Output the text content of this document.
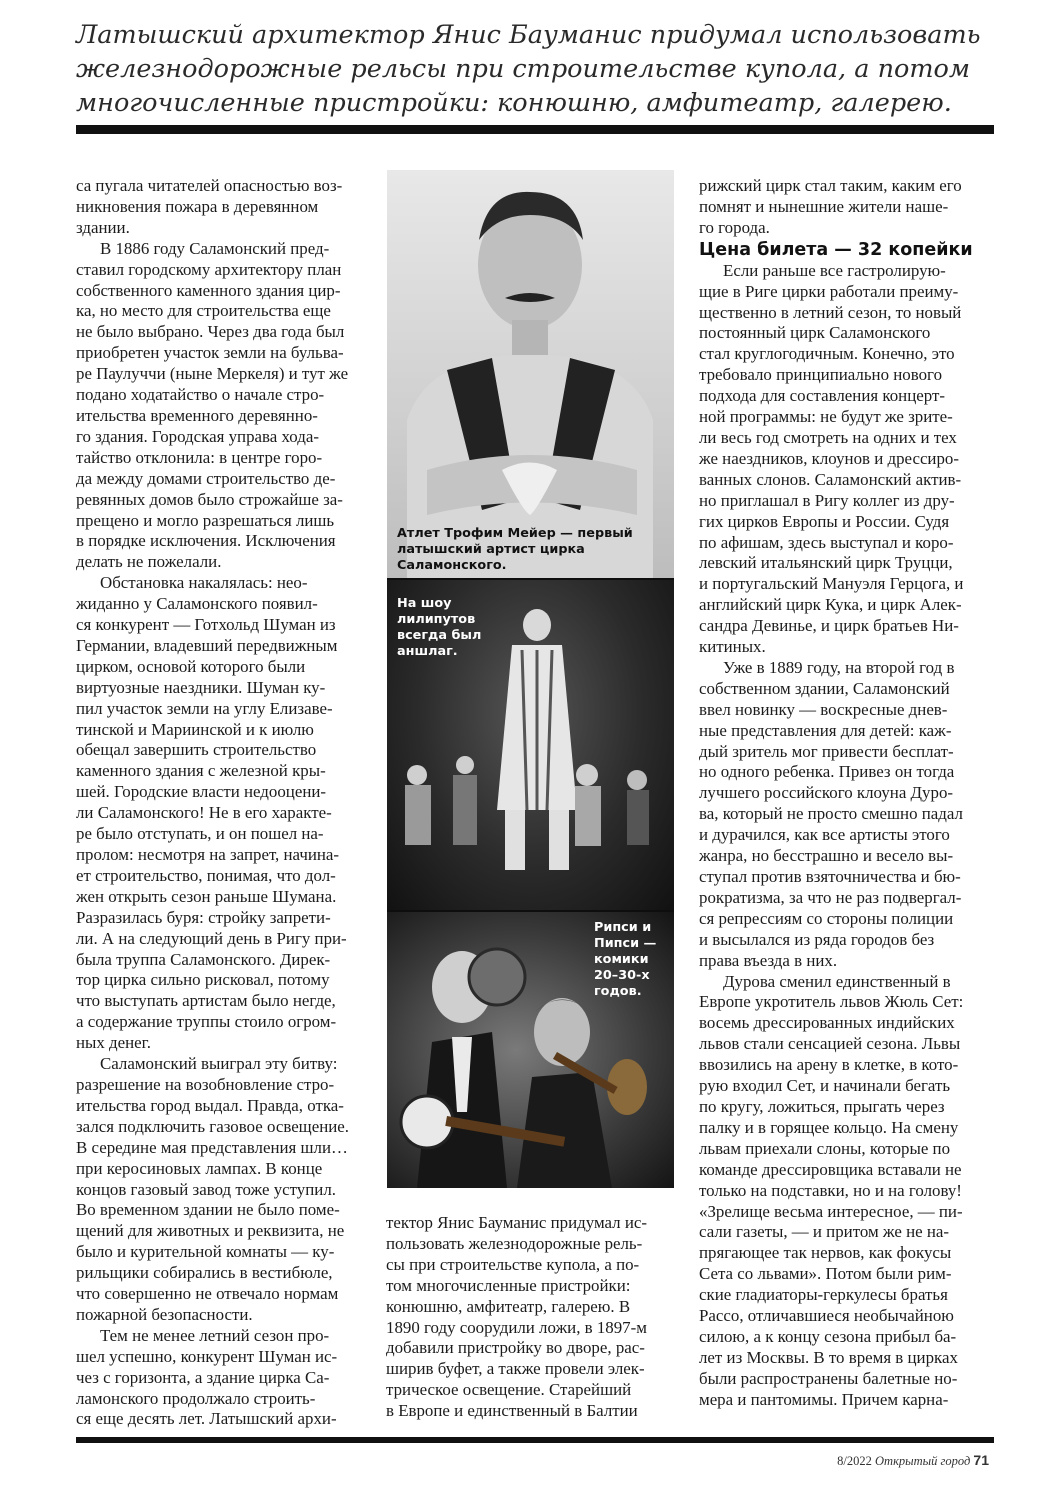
Латышский архитектор Янис Бауманис придумал использовать
железнодорожные рельсы при строительстве купола, а потом
многочисленные пристройки: конюшню, амфитеатр, галерею.

са пугала читателей опасностью воз-
никновения пожара в деревянном
здании.

В 1886 году Саламонский пред-
ставил городскому архитектору план
собственного каменного здания цир-
ка, но место для строительства еще
не было выбрано. Через два года был
приобретен участок земли на бульва-
ре Паулуччи (ныне Меркеля) и тут же
подано ходатайство о начале стро-
ительства временного деревянно-
го здания. Городская управа хода-
тайство отклонила: в центре горо-
да между домами строительство де-
ревянных домов было строжайше за-
прещено и могло разрешаться лишь
в порядке исключения. Исключения
делать не пожелали.

Обстановка накалялась: нео-
жиданно у Саламонского появил-
ся конкурент — Готхольд Шуман из
Германии, владевший передвижным
цирком, основой которого были
виртуозные наездники. Шуман ку-
пил участок земли на углу Елизаве-
тинской и Мариинской и к июлю
обещал завершить строительство
каменного здания с железной кры-
шей. Городские власти недооцени-
ли Саламонского! Не в его характе-
ре было отступать, и он пошел на-
пролом: несмотря на запрет, начина-
ет строительство, понимая, что дол-
жен открыть сезон раньше Шумана.
Разразилась буря: стройку запрети-
ли. А на следующий день в Ригу при-
была труппа Саламонского. Дирек-
тор цирка сильно рисковал, потому
что выступать артистам было негде,
а содержание труппы стоило огром-
ных денег.

Саламонский выиграл эту битву:
разрешение на возобновление стро-
ительства город выдал. Правда, отка-
зался подключить газовое освещение.
В середине мая представления шли…
при керосиновых лампах. В конце
концов газовый завод тоже уступил.
Во временном здании не было поме-
щений для животных и реквизита, не
было и курительной комнаты — ку-
рильщики собирались в вестибюле,
что совершенно не отвечало нормам
пожарной безопасности.

Тем не менее летний сезон про-
шел успешно, конкурент Шуман ис-
чез с горизонта, а здание цирка Са-
ламонского продолжало строить-
ся еще десять лет. Латышский архи-

Атлет Трофим Мейер — первый
латышский артист цирка
Саламонского.
На шоу
лилипутов
всегда был
аншлаг.
Рипси и
Пипси —
комики
20–30-х
годов.

тектор Янис Бауманис придумал ис-
пользовать железнодорожные рель-
сы при строительстве купола, а по-
том многочисленные пристройки:
конюшню, амфитеатр, галерею. В
1890 году соорудили ложи, в 1897-м
добавили пристройку во дворе, рас-
ширив буфет, а также провели элек-
трическое освещение. Старейший
в Европе и единственный в Балтии

рижский цирк стал таким, каким его
помнят и нынешние жители наше-
го города.

Цена билета — 32 копейки

Если раньше все гастролирую-
щие в Риге цирки работали преиму-
щественно в летний сезон, то новый
постоянный цирк Саламонского
стал круглогодичным. Конечно, это
требовало принципиально нового
подхода для составления концерт-
ной программы: не будут же зрите-
ли весь год смотреть на одних и тех
же наездников, клоунов и дрессиро-
ванных слонов. Саламонский актив‑
но приглашал в Ригу коллег из дру-
гих цирков Европы и России. Судя
по афишам, здесь выступал и коро-
левский итальянский цирк Труцци,
и португальский Мануэля Герцога, и
английский цирк Кука, и цирк Алек-
сандра Девинье, и цирк братьев Ни-
китиных.

Уже в 1889 году, на второй год в
собственном здании, Саламонский
ввел новинку — воскресные днев-
ные представления для детей: каж-
дый зритель мог привести бесплат-
но одного ребенка. Привез он тогда
лучшего российского клоуна Дуро-
ва, который не просто смешно падал
и дурачился, как все артисты этого
жанра, но бесстрашно и весело вы-
ступал против взяточничества и бю-
рократизма, за что не раз подвергал-
ся репрессиям со стороны полиции
и высылался из ряда городов без
права въезда в них.

Дурова сменил единственный в
Европе укротитель львов Жюль Сет:
восемь дрессированных индийских
львов стали сенсацией сезона. Львы
ввозились на арену в клетке, в кото-
рую входил Сет, и начинали бегать
по кругу, ложиться, прыгать через
палку и в горящее кольцо. На смену
львам приехали слоны, которые по
команде дрессировщика вставали не
только на подставки, но и на голову!
«Зрелище весьма интересное, — пи-
сали газеты, — и притом же не на-
прягающее так нервов, как фокусы
Сета со львами». Потом были рим-
ские гладиаторы-геркулесы братья
Рассо, отличавшиеся необычайною
силою, а к концу сезона прибыл ба-
лет из Москвы. В то время в цирках
были распространены балетные но-
мера и пантомимы. Причем карна-

8/2022 Открытый город 71
